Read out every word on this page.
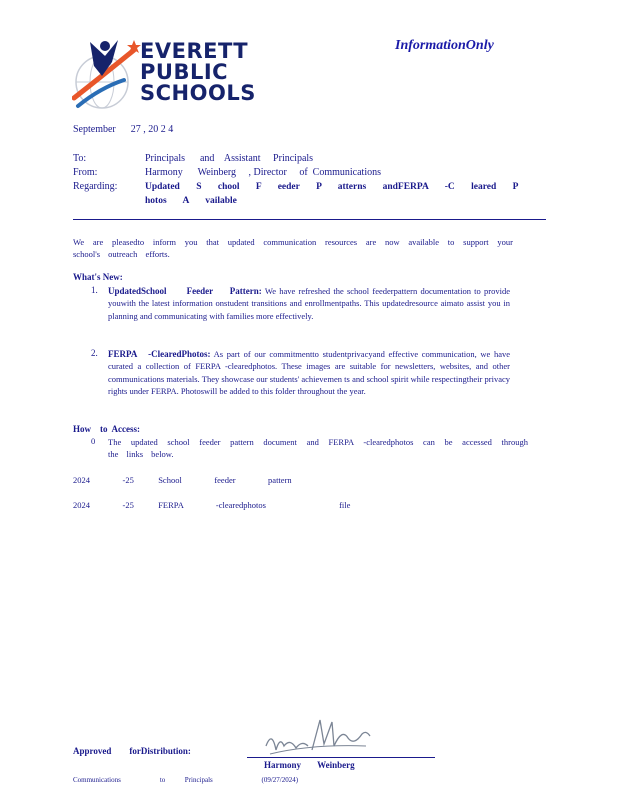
EVERETT
PUBLIC
SCHOOLS
InformationOnly
September      27 , 20 2 4
To:	Principals      and    Assistant     Principals
From:	Harmony      Weinberg     , Director     of  Communications
Regarding:	Updated S chool F eeder P atterns andFERPA -C leared P hotos A vailable
We are pleasedto inform you that updated communication resources are now available to support your school's outreach efforts.
What's New:
1. UpdatedSchool      Feeder     Pattern: We have refreshed the school feederpattern documentation to provide youwith the latest information onstudent transitions and enrollmentpaths. This updatedresource aimato assist you in planning and communicating with families more effectively.
2. FERPA   -ClearedPhotos: As part of our commitmentto studentprivacyand effective communication, we have curated a collection of FERPA -clearedphotos. These images are suitable for newsletters, websites, and other communications materials. They showcase our students' achievemen ts and school spirit while respectingtheir privacy rights under FERPA. Photoswill be added to this folder throughout the year.
How    to  Access:
0 The updated school feeder pattern document and FERPA -clearedphotos can be accessed through the links below.
2024    -25   School    feeder    pattern
2024    -25   FERPA    -clearedphotos         file
Approved        forDistribution:
Harmony Weinberg
Communications    to  Principals     (09/27/2024)
